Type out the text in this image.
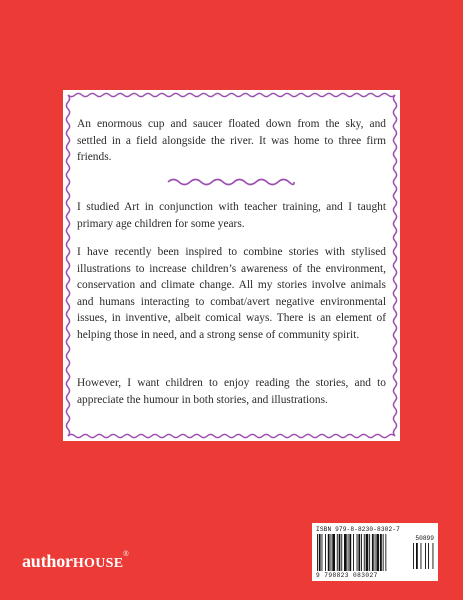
An enormous cup and saucer floated down from the sky, and settled in a field alongside the river. It was home to three firm friends.

I studied Art in conjunction with teacher training, and I taught primary age children for some years.

I have recently been inspired to combine stories with stylised illustrations to increase children’s awareness of the environment, conservation and climate change. All my stories involve animals and humans interacting to combat/avert negative environmental issues, in inventive, albeit comical ways. There is an element of helping those in need, and a strong sense of community spirit.

However, I want children to enjoy reading the stories, and to appreciate the humour in both stories, and illustrations.

authorHOUSE®
ISBN 979-8-8230-8302-7
50899
9 798823 083027
